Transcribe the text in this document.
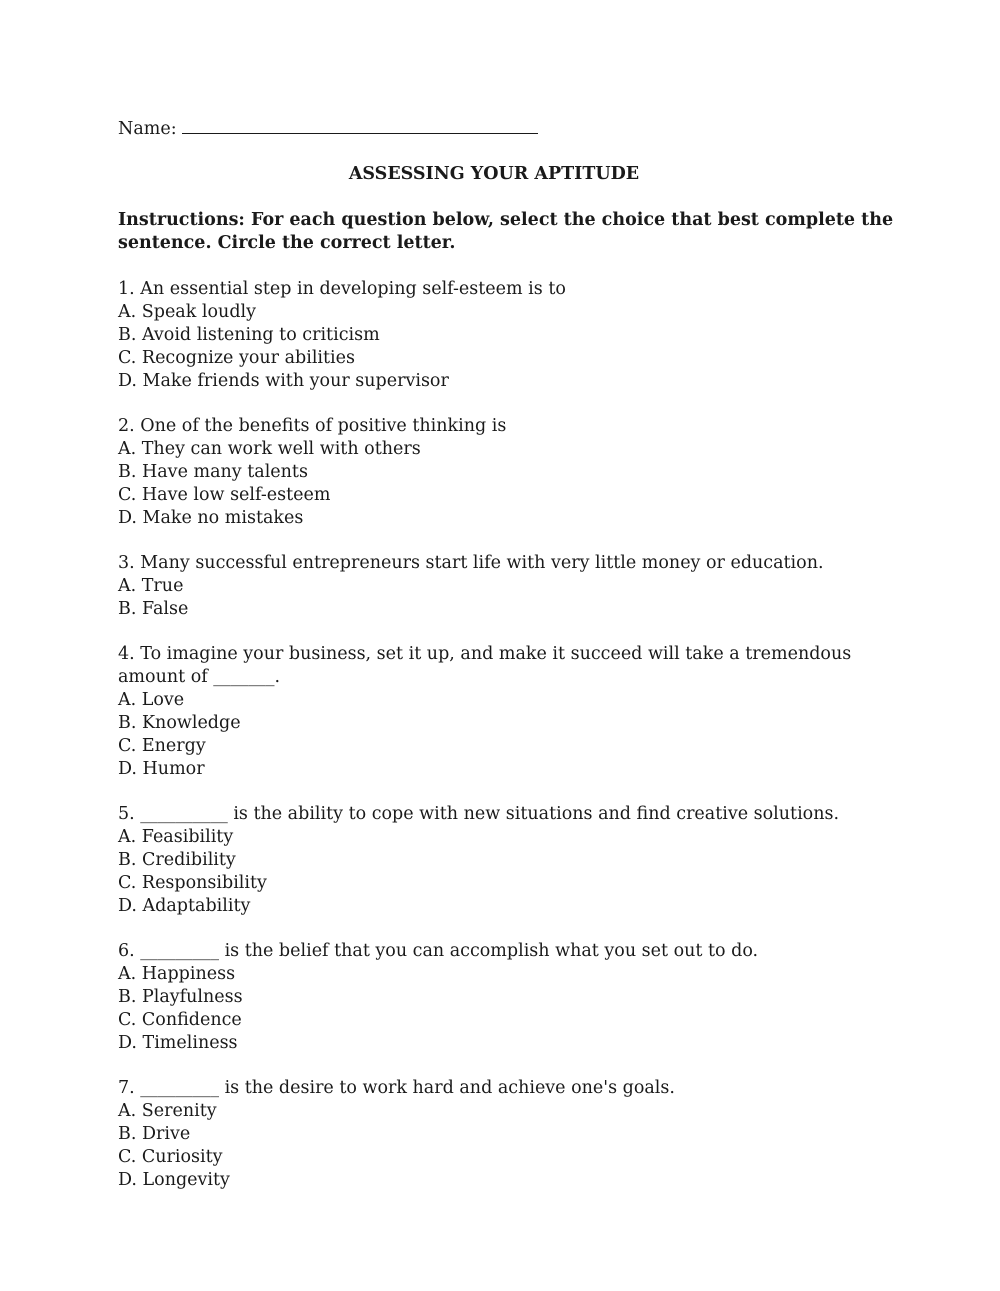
Name:
ASSESSING YOUR APTITUDE
Instructions: For each question below, select the choice that best complete the sentence. Circle the correct letter.
1. An essential step in developing self-esteem is to
A. Speak loudly
B. Avoid listening to criticism
C. Recognize your abilities
D. Make friends with your supervisor
2. One of the benefits of positive thinking is
A. They can work well with others
B. Have many talents
C. Have low self-esteem
D. Make no mistakes
3. Many successful entrepreneurs start life with very little money or education.
A. True
B. False
4. To imagine your business, set it up, and make it succeed will take a tremendous amount of _______.
A. Love
B. Knowledge
C. Energy
D. Humor
5. __________ is the ability to cope with new situations and find creative solutions.
A. Feasibility
B. Credibility
C. Responsibility
D. Adaptability
6. _________ is the belief that you can accomplish what you set out to do.
A. Happiness
B. Playfulness
C. Confidence
D. Timeliness
7. _________ is the desire to work hard and achieve one's goals.
A. Serenity
B. Drive
C. Curiosity
D. Longevity
